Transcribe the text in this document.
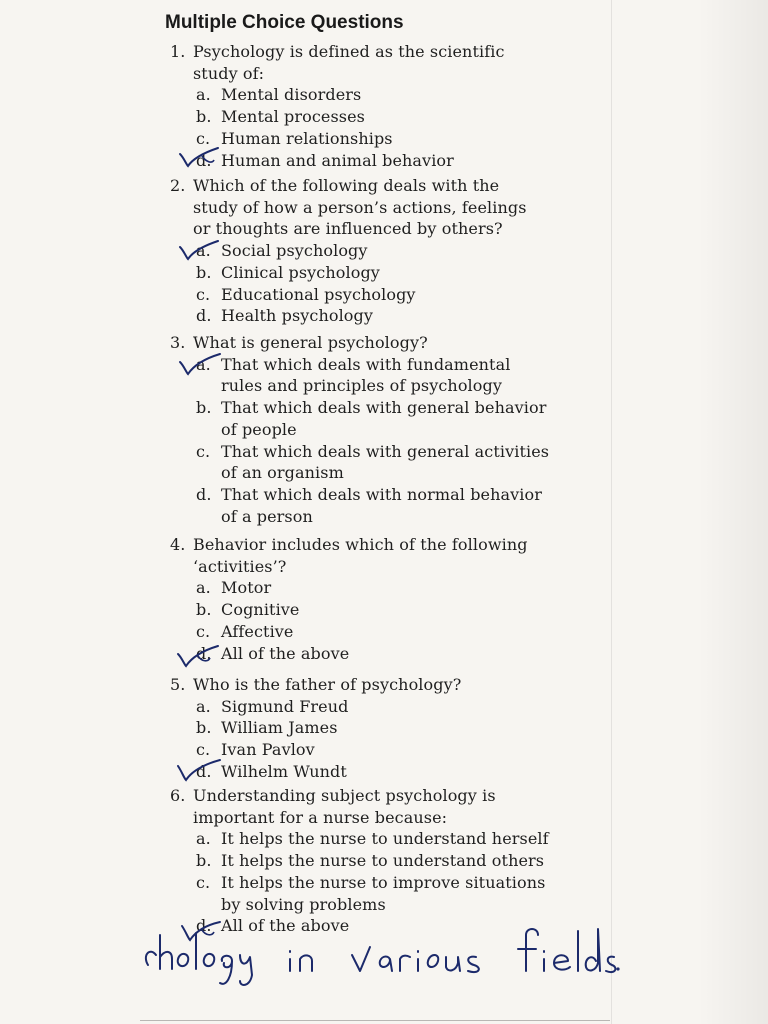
Multiple Choice Questions
1. Psychology is defined as the scientific
study of:
a. Mental disorders
b. Mental processes
c. Human relationships
d. Human and animal behavior
2. Which of the following deals with the
study of how a person’s actions, feelings
or thoughts are influenced by others?
a. Social psychology
b. Clinical psychology
c. Educational psychology
d. Health psychology
3. What is general psychology?
a. That which deals with fundamental
rules and principles of psychology
b. That which deals with general behavior
of people
c. That which deals with general activities
of an organism
d. That which deals with normal behavior
of a person
4. Behavior includes which of the following
‘activities’?
a. Motor
b. Cognitive
c. Affective
d. All of the above
5. Who is the father of psychology?
a. Sigmund Freud
b. William James
c. Ivan Pavlov
d. Wilhelm Wundt
6. Understanding subject psychology is
important for a nurse because:
a. It helps the nurse to understand herself
b. It helps the nurse to understand others
c. It helps the nurse to improve situations
by solving problems
d. All of the above
